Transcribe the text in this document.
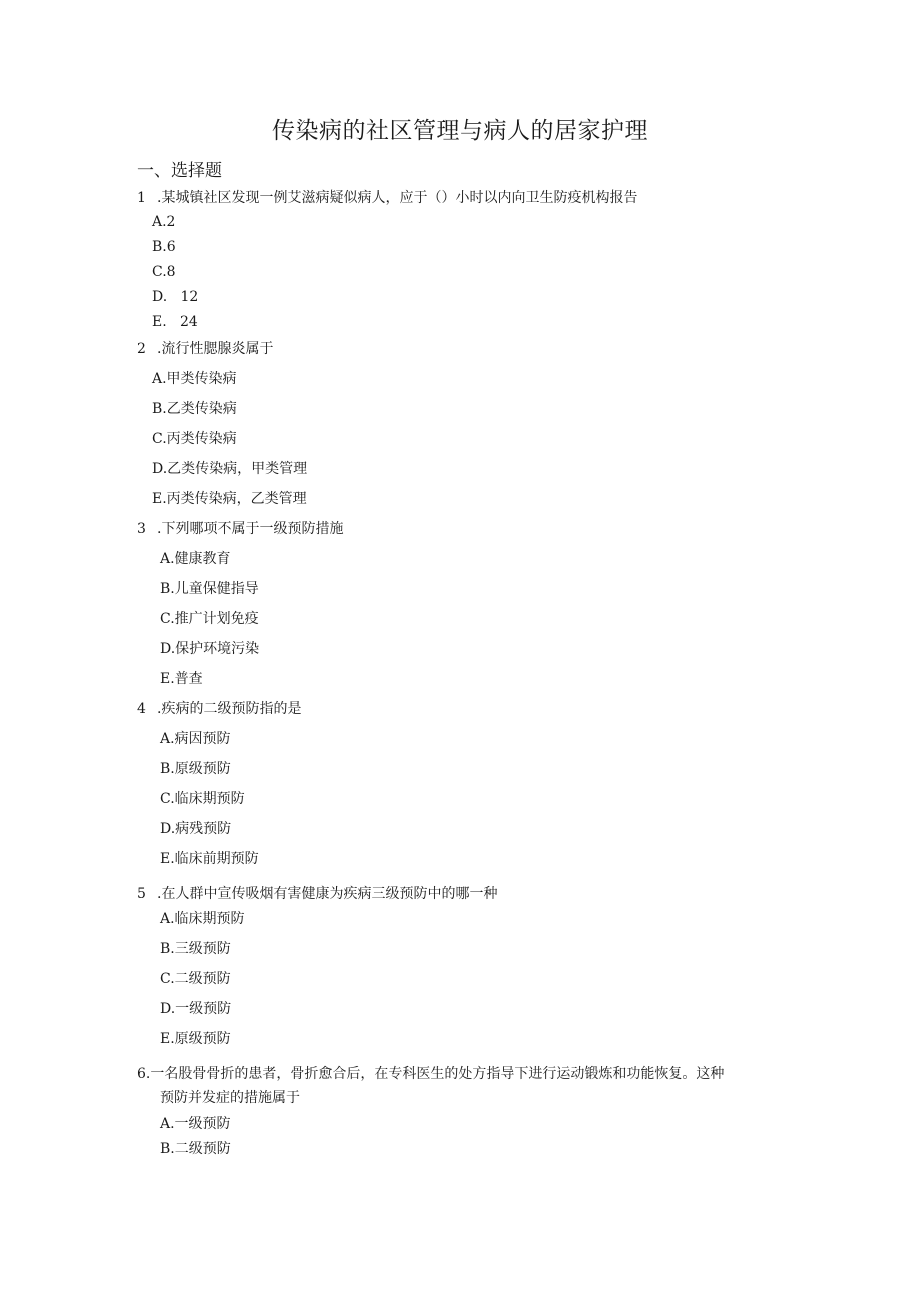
传染病的社区管理与病人的居家护理
一、选择题
1 .某城镇社区发现一例艾滋病疑似病人，应于（）小时以内向卫生防疫机构报告
A.2
B.6
C.8
D.   12
E.   24
2 .流行性腮腺炎属于
A.甲类传染病
B.乙类传染病
C.丙类传染病
D.乙类传染病，甲类管理
E.丙类传染病，乙类管理
3 .下列哪项不属于一级预防措施
A.健康教育
B.儿童保健指导
C.推广计划免疫
D.保护环境污染
E.普查
4 .疾病的二级预防指的是
A.病因预防
B.原级预防
C.临床期预防
D.病残预防
E.临床前期预防
5 .在人群中宣传吸烟有害健康为疾病三级预防中的哪一种
A.临床期预防
B.三级预防
C.二级预防
D.一级预防
E.原级预防
6.一名股骨骨折的患者，骨折愈合后，在专科医生的处方指导下进行运动锻炼和功能恢复。这种
预防并发症的措施属于
A.一级预防
B.二级预防
